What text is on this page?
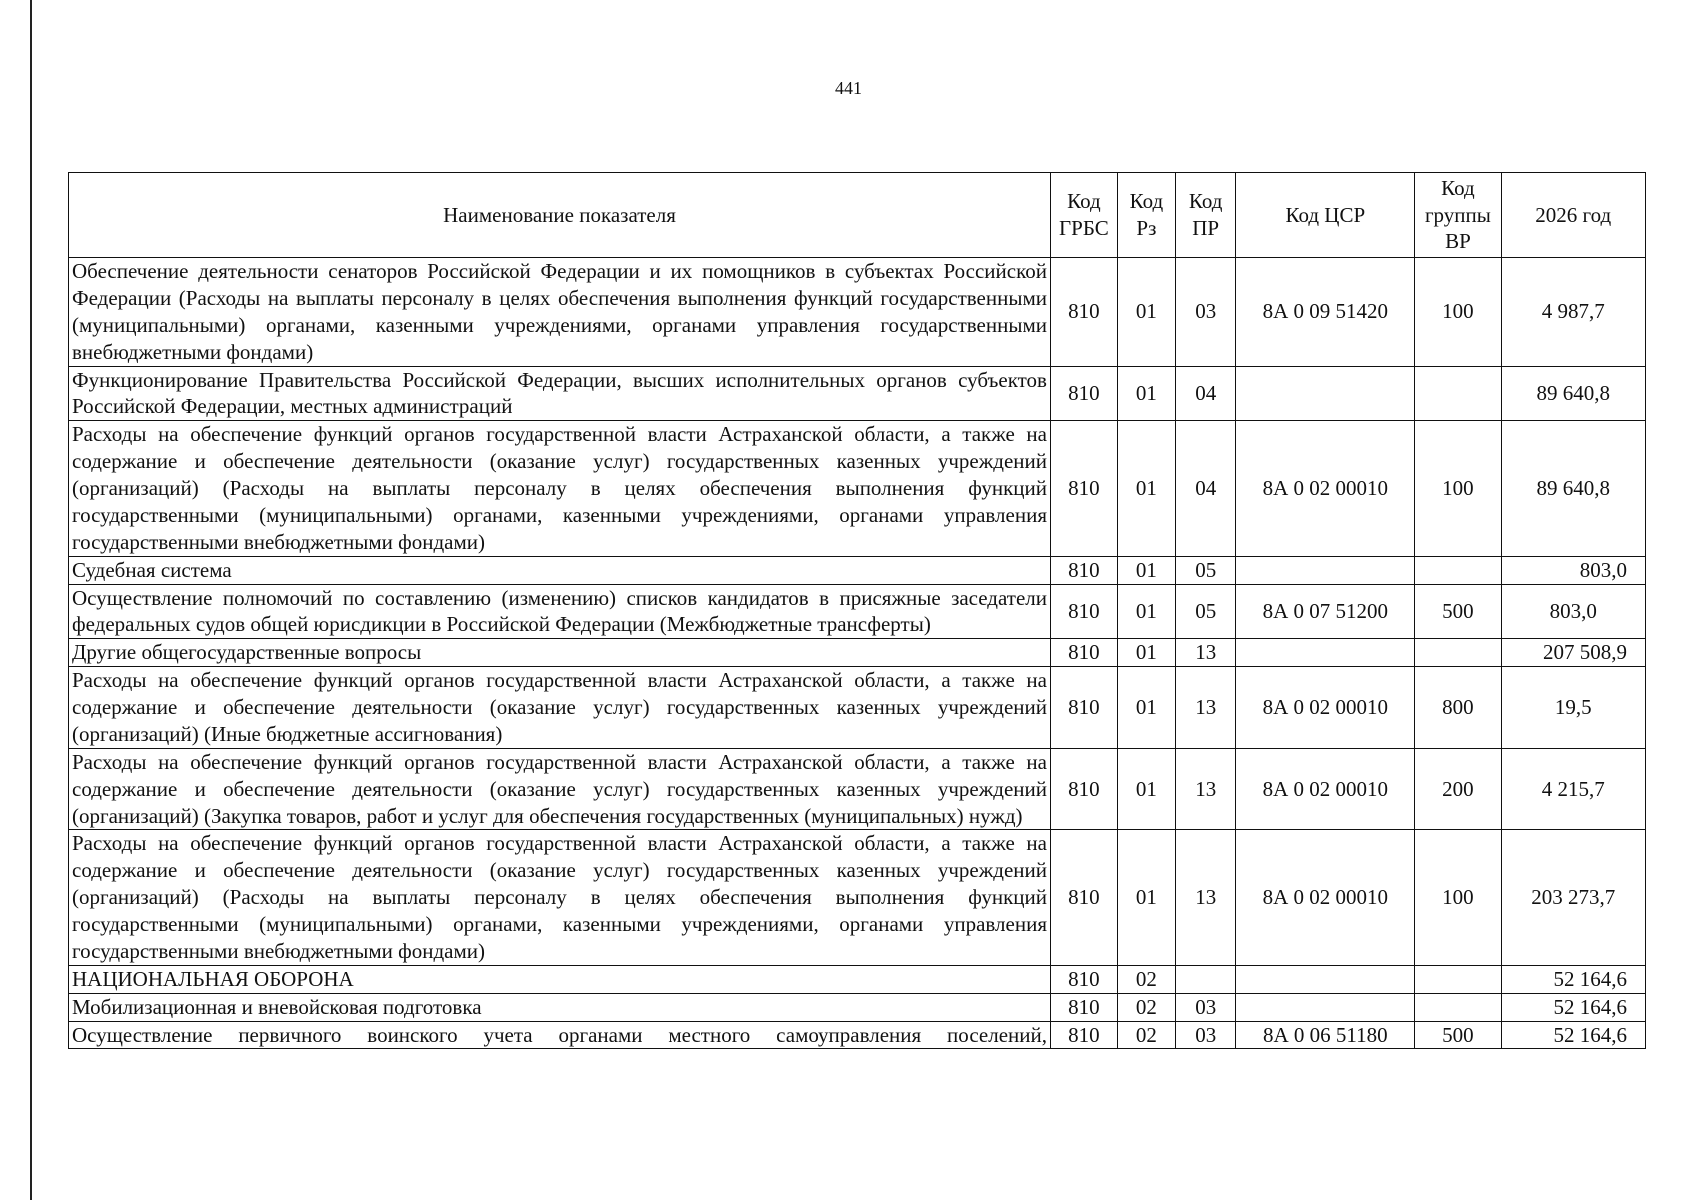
441
Наименование показателя	Код ГРБС	Код Рз	Код ПР	Код ЦСР	Код группы ВР	2026 год
Обеспечение деятельности сенаторов Российской Федерации и их помощников в субъектах Российской Федерации (Расходы на выплаты персоналу в целях обеспечения выполнения функций государственными (муниципальными) органами, казенными учреждениями, органами управления государственными внебюджетными фондами)	810	01	03	8А 0 09 51420	100	4 987,7
Функционирование Правительства Российской Федерации, высших исполнительных органов субъектов Российской Федерации, местных администраций	810	01	04			89 640,8
Расходы на обеспечение функций органов государственной власти Астраханской области, а также на содержание и обеспечение деятельности (оказание услуг) государственных казенных учреждений (организаций) (Расходы на выплаты персоналу в целях обеспечения выполнения функций государственными (муниципальными) органами, казенными учреждениями, органами управления государственными внебюджетными фондами)	810	01	04	8А 0 02 00010	100	89 640,8
Судебная система	810	01	05			803,0
Осуществление полномочий по составлению (изменению) списков кандидатов в присяжные заседатели федеральных судов общей юрисдикции в Российской Федерации (Межбюджетные трансферты)	810	01	05	8А 0 07 51200	500	803,0
Другие общегосударственные вопросы	810	01	13			207 508,9
Расходы на обеспечение функций органов государственной власти Астраханской области, а также на содержание и обеспечение деятельности (оказание услуг) государственных казенных учреждений (организаций) (Иные бюджетные ассигнования)	810	01	13	8А 0 02 00010	800	19,5
Расходы на обеспечение функций органов государственной власти Астраханской области, а также на содержание и обеспечение деятельности (оказание услуг) государственных казенных учреждений (организаций) (Закупка товаров, работ и услуг для обеспечения государственных (муниципальных) нужд)	810	01	13	8А 0 02 00010	200	4 215,7
Расходы на обеспечение функций органов государственной власти Астраханской области, а также на содержание и обеспечение деятельности (оказание услуг) государственных казенных учреждений (организаций) (Расходы на выплаты персоналу в целях обеспечения выполнения функций государственными (муниципальными) органами, казенными учреждениями, органами управления государственными внебюджетными фондами)	810	01	13	8А 0 02 00010	100	203 273,7
НАЦИОНАЛЬНАЯ ОБОРОНА	810	02				52 164,6
Мобилизационная и вневойсковая подготовка	810	02	03			52 164,6
Осуществление первичного воинского учета органами местного самоуправления поселений,	810	02	03	8А 0 06 51180	500	52 164,6
